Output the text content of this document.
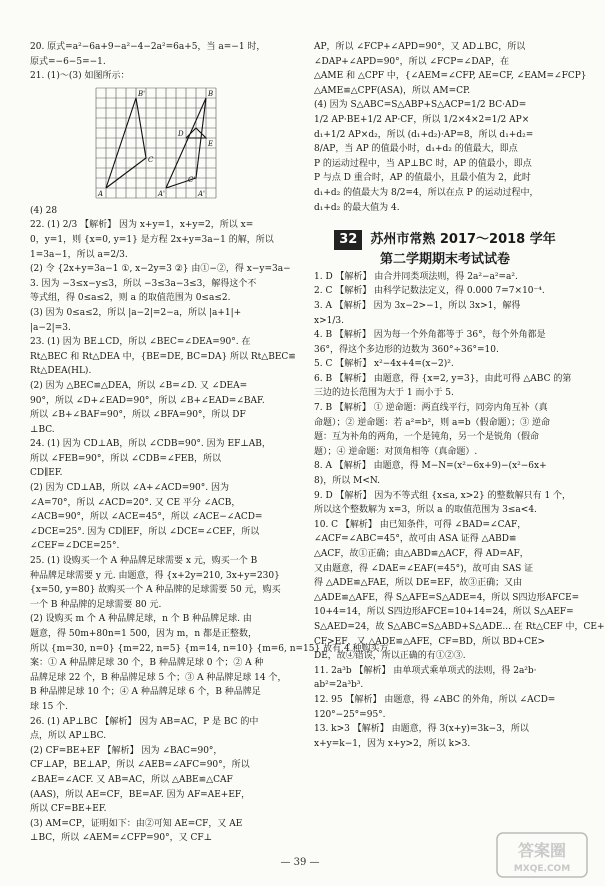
20. 原式=a²−6a+9−a²−4−2a²=6a+5，当 a=−1 时，
原式=−6−5=−1.
21. (1)～(3) 如图所示：
B'
A
C
A'
B
D
C'
E
A'
(4) 28
22. (1) 2/3 【解析】 因为 x+y=1，x+y=2，所以 x=
0，y=1，则 {x=0, y=1} 是方程 2x+y=3a−1 的解，所以
1=3a−1，所以 a=2/3.
(2) 令 {2x+y=3a−1 ①, x−2y=3 ②} 由①−②，得 x−y=3a−
3. 因为 −3≤x−y≤3，所以 −3≤3a−3≤3，解得这个不
等式组，得 0≤a≤2，则 a 的取值范围为 0≤a≤2.
(3) 因为 0≤a≤2，所以 |a−2|=2−a，所以 |a+1|+
|a−2|=3.
23. (1) 因为 BE⊥CD，所以 ∠BEC=∠DEA=90°. 在
Rt△BEC 和 Rt△DEA 中，{BE=DE, BC=DA} 所以 Rt△BEC≌
Rt△DEA(HL).
(2) 因为 △BEC≌△DEA，所以 ∠B=∠D. 又 ∠DEA=
90°，所以 ∠D+∠EAD=90°，所以 ∠B+∠EAD=∠BAF.
所以 ∠B+∠BAF=90°，所以 ∠BFA=90°，所以 DF
⊥BC.
24. (1) 因为 CD⊥AB，所以 ∠CDB=90°. 因为 EF⊥AB，
所以 ∠FEB=90°，所以 ∠CDB=∠FEB，所以
CD∥EF.
(2) 因为 CD⊥AB，所以 ∠A+∠ACD=90°. 因为
∠A=70°，所以 ∠ACD=20°. 又 CE 平分 ∠ACB，
∠ACB=90°，所以 ∠ACE=45°，所以 ∠ACE−∠ACD=
∠DCE=25°. 因为 CD∥EF，所以 ∠DCE=∠CEF，所以
∠CEF=∠DCE=25°.
25. (1) 设购买一个 A 种品牌足球需要 x 元，购买一个 B
种品牌足球需要 y 元. 由题意，得 {x+2y=210, 3x+y=230}
{x=50, y=80} 故购买一个 A 种品牌的足球需要 50 元，购买
一个 B 种品牌的足球需要 80 元.
(2) 设购买 m 个 A 种品牌足球，n 个 B 种品牌足球. 由
题意，得 50m+80n=1 500，因为 m，n 都是正整数，
所以 {m=30, n=0} {m=22, n=5} {m=14, n=10} {m=6, n=15} 故有 4 种购买方
案：① A 种品牌足球 30 个，B 种品牌足球 0 个；② A 种
品牌足球 22 个，B 种品牌足球 5 个；③ A 种品牌足球 14 个，
B 种品牌足球 10 个；④ A 种品牌足球 6 个，B 种品牌足
球 15 个.
26. (1) AP⊥BC 【解析】 因为 AB=AC，P 是 BC 的中
点，所以 AP⊥BC.
(2) CF=BE+EF 【解析】 因为 ∠BAC=90°，
CF⊥AP，BE⊥AP，所以 ∠AEB=∠AFC=90°，所以
∠BAE=∠ACF. 又 AB=AC，所以 △ABE≌△CAF
(AAS)，所以 AE=CF，BE=AF. 因为 AF=AE+EF，
所以 CF=BE+EF.
(3) AM=CP，证明如下：由②可知 AE=CF，又 AE
⊥BC，所以 ∠AEM=∠CFP=90°，又 CF⊥
AP，所以 ∠FCP+∠APD=90°，又 AD⊥BC，所以
∠DAP+∠APD=90°，所以 ∠FCP=∠DAP，在
△AME 和 △CPF 中，{∠AEM=∠CFP, AE=CF, ∠EAM=∠FCP}
△AME≌△CPF(ASA)，所以 AM=CP.
(4) 因为 S△ABC=S△ABP+S△ACP=1/2 BC·AD=
1/2 AP·BE+1/2 AP·CF，所以 1/2×4×2=1/2 AP×
d₁+1/2 AP×d₂，所以 (d₁+d₂)·AP=8，所以 d₁+d₂=
8/AP，当 AP 的值最小时，d₁+d₂ 的值最大，即点
P 的运动过程中，当 AP⊥BC 时，AP 的值最小，即点
P 与点 D 重合时，AP 的值最小，且最小值为 2，此时
d₁+d₂ 的值最大为 8/2=4，所以在点 P 的运动过程中，
d₁+d₂ 的最大值为 4.
32 苏州市常熟 2017～2018 学年
第二学期期末考试试卷
1. D 【解析】 由合并同类项法则，得 2a²−a²=a².
2. C 【解析】 由科学记数法定义，得 0.000 7=7×10⁻⁴.
3. A 【解析】 因为 3x−2>−1，所以 3x>1，解得
x>1/3.
4. B 【解析】 因为每一个外角都等于 36°，每个外角都是
36°，得这个多边形的边数为 360°÷36°=10.
5. C 【解析】 x²−4x+4=(x−2)².
6. B 【解析】 由题意，得 {x=2, y=3}，由此可得 △ABC 的第
三边的边长范围为大于 1 而小于 5.
7. B 【解析】 ① 逆命题：两直线平行，同旁内角互补（真
命题）；② 逆命题：若 a²=b²，则 a=b（假命题）；③ 逆命
题：互为补角的两角，一个是钝角，另一个是锐角（假命
题）；④ 逆命题：对顶角相等（真命题）.
8. A 【解析】 由题意，得 M−N=(x²−6x+9)−(x²−6x+
8)，所以 M<N.
9. D 【解析】 因为不等式组 {x≤a, x>2} 的整数解只有 1 个，
所以这个整数解为 x=3，所以 a 的取值范围为 3≤a<4.
10. C 【解析】 由已知条件，可得 ∠BAD=∠CAF，
∠ACF=∠ABC=45°，故可由 ASA 证得 △ABD≌
△ACF，故①正确；由△ABD≌△ACF，得 AD=AF，
又由题意，得 ∠DAE=∠EAF(=45°)，故可由 SAS 证
得 △ADE≌△FAE，所以 DE=EF，故③正确；又由
△ADE≌△AFE，得 S△AFE=S△ADE=4，所以 S四边形AFCE=
10+4=14，所以 S四边形AFCE=10+14=24，所以 S△AEF=
S△AED=24，故 S△ABC=S△ABD+S△ADE... 在 Rt△CEF 中，CE+
CF>EF，又 △ADE≌△AFE，CF=BD，所以 BD+CE>
DE，故④错误，所以正确的有①②③.
11. 2a³b 【解析】 由单项式乘单项式的法则，得 2a²b·
ab²=2a³b³.
12. 95 【解析】 由题意，得 ∠ABC 的外角，所以 ∠ACD=
120°−25°=95°.
13. k>3 【解析】 由题意，得 3(x+y)=3k−3，所以
x+y=k−1，因为 x+y>2，所以 k>3.
— 39 —
答案圈
MXQE.COM
